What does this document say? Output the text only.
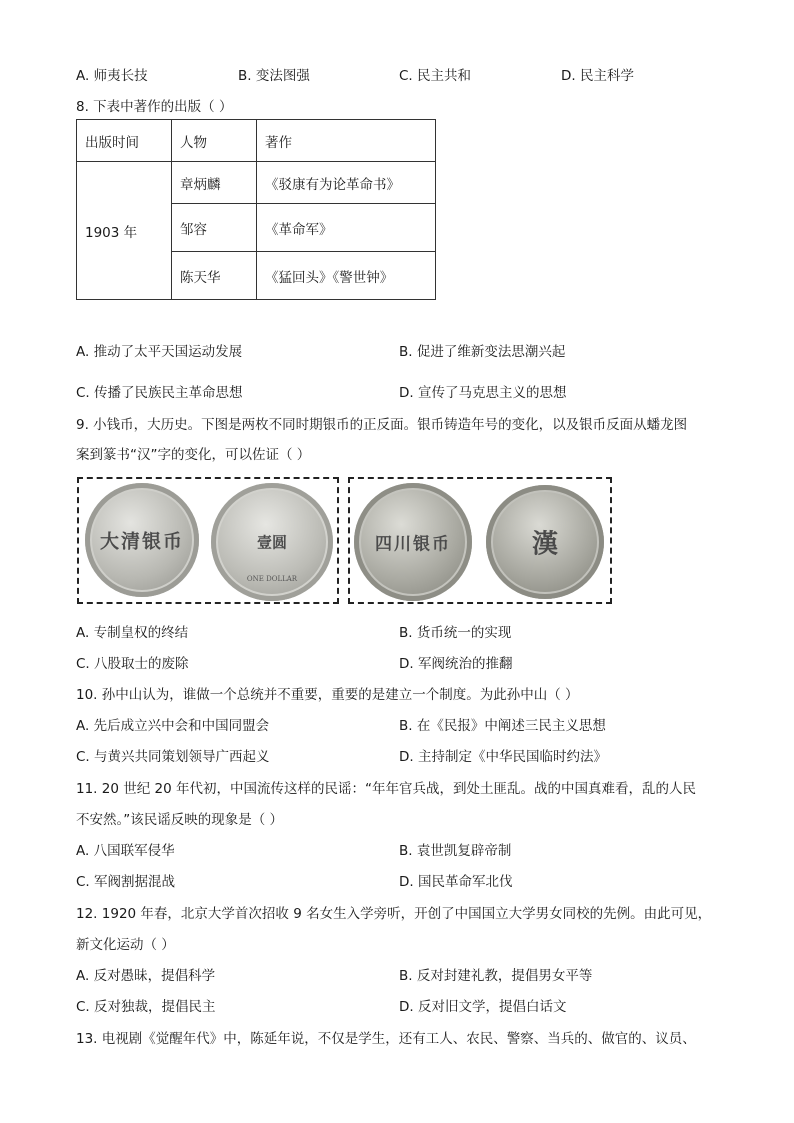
A. 师夷长技	B. 变法图强	C. 民主共和	D. 民主科学
8. 下表中著作的出版（ ）
出版时间	人物	著作
1903 年	章炳麟	《驳康有为论革命书》
	邹容	《革命军》
	陈天华	《猛回头》《警世钟》
A. 推动了太平天国运动发展	B. 促进了维新变法思潮兴起
C. 传播了民族民主革命思想	D. 宣传了马克思主义的思想
9. 小钱币，大历史。下图是两枚不同时期银币的正反面。银币铸造年号的变化，以及银币反面从蟠龙图
案到篆书“汉”字的变化，可以佐证（ ）
大清银币	壹圆
ONE DOLLAR
四川银币	漢
A. 专制皇权的终结	B. 货币统一的实现
C. 八股取士的废除	D. 军阀统治的推翻
10. 孙中山认为，谁做一个总统并不重要，重要的是建立一个制度。为此孙中山（ ）
A. 先后成立兴中会和中国同盟会	B. 在《民报》中阐述三民主义思想
C. 与黄兴共同策划领导广西起义	D. 主持制定《中华民国临时约法》
11. 20 世纪 20 年代初，中国流传这样的民谣：“年年官兵战，到处土匪乱。战的中国真难看，乱的人民
不安然。”该民谣反映的现象是（ ）
A. 八国联军侵华	B. 袁世凯复辟帝制
C. 军阀割据混战	D. 国民革命军北伐
12. 1920 年春，北京大学首次招收 9 名女生入学旁听，开创了中国国立大学男女同校的先例。由此可见，
新文化运动（ ）
A. 反对愚昧，提倡科学	B. 反对封建礼教，提倡男女平等
C. 反对独裁，提倡民主	D. 反对旧文学，提倡白话文
13. 电视剧《觉醒年代》中，陈延年说，不仅是学生，还有工人、农民、警察、当兵的、做官的、议员、
